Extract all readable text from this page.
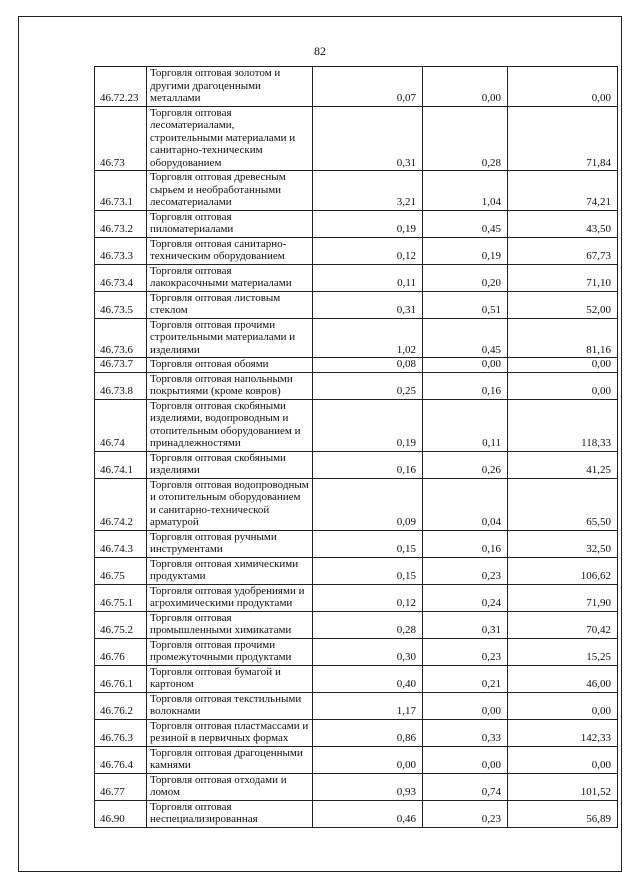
82
46.72.23	Торговля оптовая золотом и другими драгоценными металлами	0,07	0,00	0,00
46.73	Торговля оптовая лесоматериалами, строительными материалами и санитарно-техническим оборудованием	0,31	0,28	71,84
46.73.1	Торговля оптовая древесным сырьем и необработанными лесоматериалами	3,21	1,04	74,21
46.73.2	Торговля оптовая пиломатериалами	0,19	0,45	43,50
46.73.3	Торговля оптовая санитарно-техническим оборудованием	0,12	0,19	67,73
46.73.4	Торговля оптовая лакокрасочными материалами	0,11	0,20	71,10
46.73.5	Торговля оптовая листовым стеклом	0,31	0,51	52,00
46.73.6	Торговля оптовая прочими строительными материалами и изделиями	1,02	0,45	81,16
46.73.7	Торговля оптовая обоями	0,08	0,00	0,00
46.73.8	Торговля оптовая напольными покрытиями (кроме ковров)	0,25	0,16	0,00
46.74	Торговля оптовая скобяными изделиями, водопроводным и отопительным оборудованием и принадлежностями	0,19	0,11	118,33
46.74.1	Торговля оптовая скобяными изделиями	0,16	0,26	41,25
46.74.2	Торговля оптовая водопроводным и отопительным оборудованием и санитарно-технической арматурой	0,09	0,04	65,50
46.74.3	Торговля оптовая ручными инструментами	0,15	0,16	32,50
46.75	Торговля оптовая химическими продуктами	0,15	0,23	106,62
46.75.1	Торговля оптовая удобрениями и агрохимическими продуктами	0,12	0,24	71,90
46.75.2	Торговля оптовая промышленными химикатами	0,28	0,31	70,42
46.76	Торговля оптовая прочими промежуточными продуктами	0,30	0,23	15,25
46.76.1	Торговля оптовая бумагой и картоном	0,40	0,21	46,00
46.76.2	Торговля оптовая текстильными волокнами	1,17	0,00	0,00
46.76.3	Торговля оптовая пластмассами и резиной в первичных формах	0,86	0,33	142,33
46.76.4	Торговля оптовая драгоценными камнями	0,00	0,00	0,00
46.77	Торговля оптовая отходами и ломом	0,93	0,74	101,52
46.90	Торговля оптовая неспециализированная	0,46	0,23	56,89
